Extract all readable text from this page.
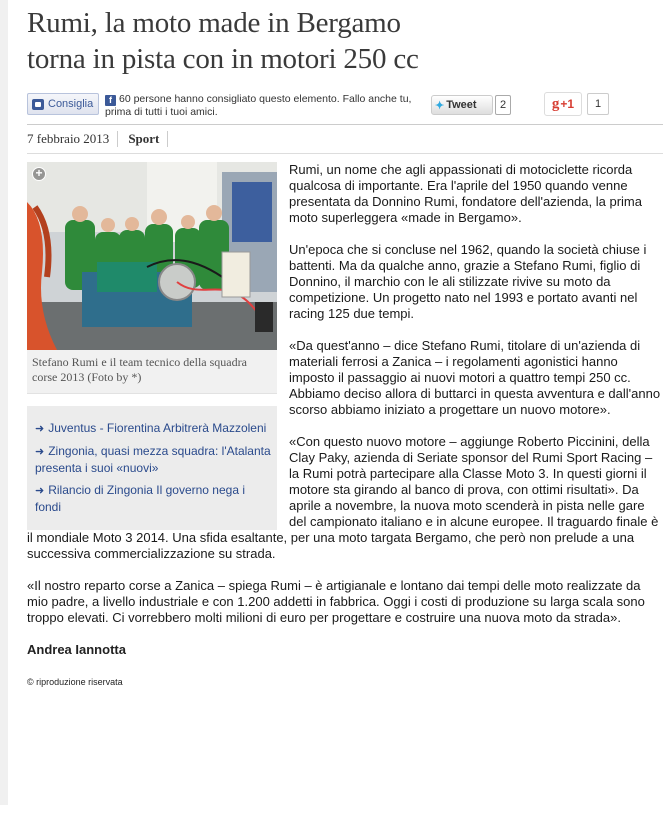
Rumi, la moto made in Bergamo
torna in pista con in motori 250 cc
Consiglia	f 60 persone hanno consigliato questo elemento. Fallo anche tu, prima di tutti i tuoi amici.
✦ Tweet	2	g +1	1
7 febbraio 2013	Sport
+
Stefano Rumi e il team tecnico della squadra corse 2013 (Foto by *)
➜ Juventus - Fiorentina Arbitrerà Mazzoleni
➜ Zingonia, quasi mezza squadra: l'Atalanta presenta i suoi «nuovi»
➜ Rilancio di Zingonia Il governo nega i fondi

Rumi, un nome che agli appassionati di motociclette ricorda qualcosa di importante. Era l'aprile del 1950 quando venne presentata da Donnino Rumi, fondatore dell'azienda, la prima moto superleggera «made in Bergamo».

Un'epoca che si concluse nel 1962, quando la società chiuse i battenti. Ma da qualche anno, grazie a Stefano Rumi, figlio di Donnino, il marchio con le ali stilizzate rivive su moto da competizione. Un progetto nato nel 1993 e portato avanti nel racing 125 due tempi.

«Da quest'anno – dice Stefano Rumi, titolare di un'azienda di materiali ferrosi a Zanica – i regolamenti agonistici hanno imposto il passaggio ai nuovi motori a quattro tempi 250 cc. Abbiamo deciso allora di buttarci in questa avventura e dall'anno scorso abbiamo iniziato a progettare un nuovo motore».

«Con questo nuovo motore – aggiunge Roberto Piccinini, della Clay Paky, azienda di Seriate sponsor del Rumi Sport Racing – la Rumi potrà partecipare alla Classe Moto 3. In questi giorni il motore sta girando al banco di prova, con ottimi risultati». Da aprile a novembre, la nuova moto scenderà in pista nelle gare del campionato italiano e in alcune europee. Il traguardo finale è il mondiale Moto 3 2014. Una sfida esaltante, per una moto targata Bergamo, che però non prelude a una successiva commercializzazione su strada.

«Il nostro reparto corse a Zanica – spiega Rumi – è artigianale e lontano dai tempi delle moto realizzate da mio padre, a livello industriale e con 1.200 addetti in fabbrica. Oggi i costi di produzione su larga scala sono troppo elevati. Ci vorrebbero molti milioni di euro per progettare e costruire una nuova moto da strada».

Andrea Iannotta
© riproduzione riservata
